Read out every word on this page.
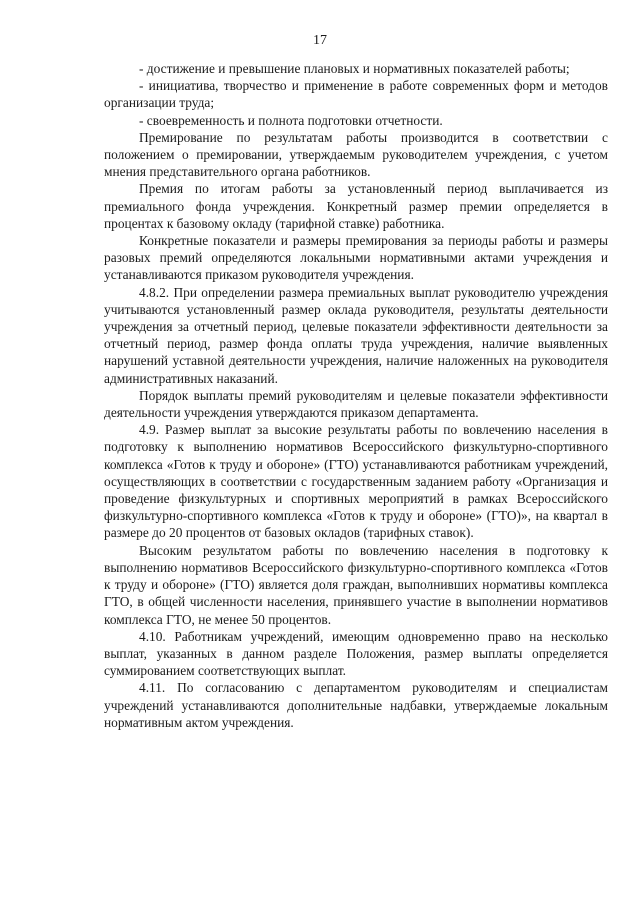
17

- достижение и превышение плановых и нормативных показателей работы;

- инициатива, творчество и применение в работе современных форм и методов организации труда;

- своевременность и полнота подготовки отчетности.

Премирование по результатам работы производится в соответствии с положением о премировании, утверждаемым руководителем учреждения, с учетом мнения представительного органа работников.

Премия по итогам работы за установленный период выплачивается из премиального фонда учреждения. Конкретный размер премии определяется в процентах к базовому окладу (тарифной ставке) работника.

Конкретные показатели и размеры премирования за периоды работы и размеры разовых премий определяются локальными нормативными актами учреждения и устанавливаются приказом руководителя учреждения.

4.8.2. При определении размера премиальных выплат руководителю учреждения учитываются установленный размер оклада руководителя, результаты деятельности учреждения за отчетный период, целевые показатели эффективности деятельности за отчетный период, размер фонда оплаты труда учреждения, наличие выявленных нарушений уставной деятельности учреждения, наличие наложенных на руководителя административных наказаний.

Порядок выплаты премий руководителям и целевые показатели эффективности деятельности учреждения утверждаются приказом департамента.

4.9. Размер выплат за высокие результаты работы по вовлечению населения в подготовку к выполнению нормативов Всероссийского физкультурно-спортивного комплекса «Готов к труду и обороне» (ГТО) устанавливаются работникам учреждений, осуществляющих в соответствии с государственным заданием работу «Организация и проведение физкультурных и спортивных мероприятий в рамках Всероссийского физкультурно-спортивного комплекса «Готов к труду и обороне» (ГТО)», на квартал в размере до 20 процентов от базовых окладов (тарифных ставок).

Высоким результатом работы по вовлечению населения в подготовку к выполнению нормативов Всероссийского физкультурно-спортивного комплекса «Готов к труду и обороне» (ГТО) является доля граждан, выполнивших нормативы комплекса ГТО, в общей численности населения, принявшего участие в выполнении нормативов комплекса ГТО, не менее 50 процентов.

4.10. Работникам учреждений, имеющим одновременно право на несколько выплат, указанных в данном разделе Положения, размер выплаты определяется суммированием соответствующих выплат.

4.11. По согласованию с департаментом руководителям и специалистам учреждений устанавливаются дополнительные надбавки, утверждаемые локальным нормативным актом учреждения.
